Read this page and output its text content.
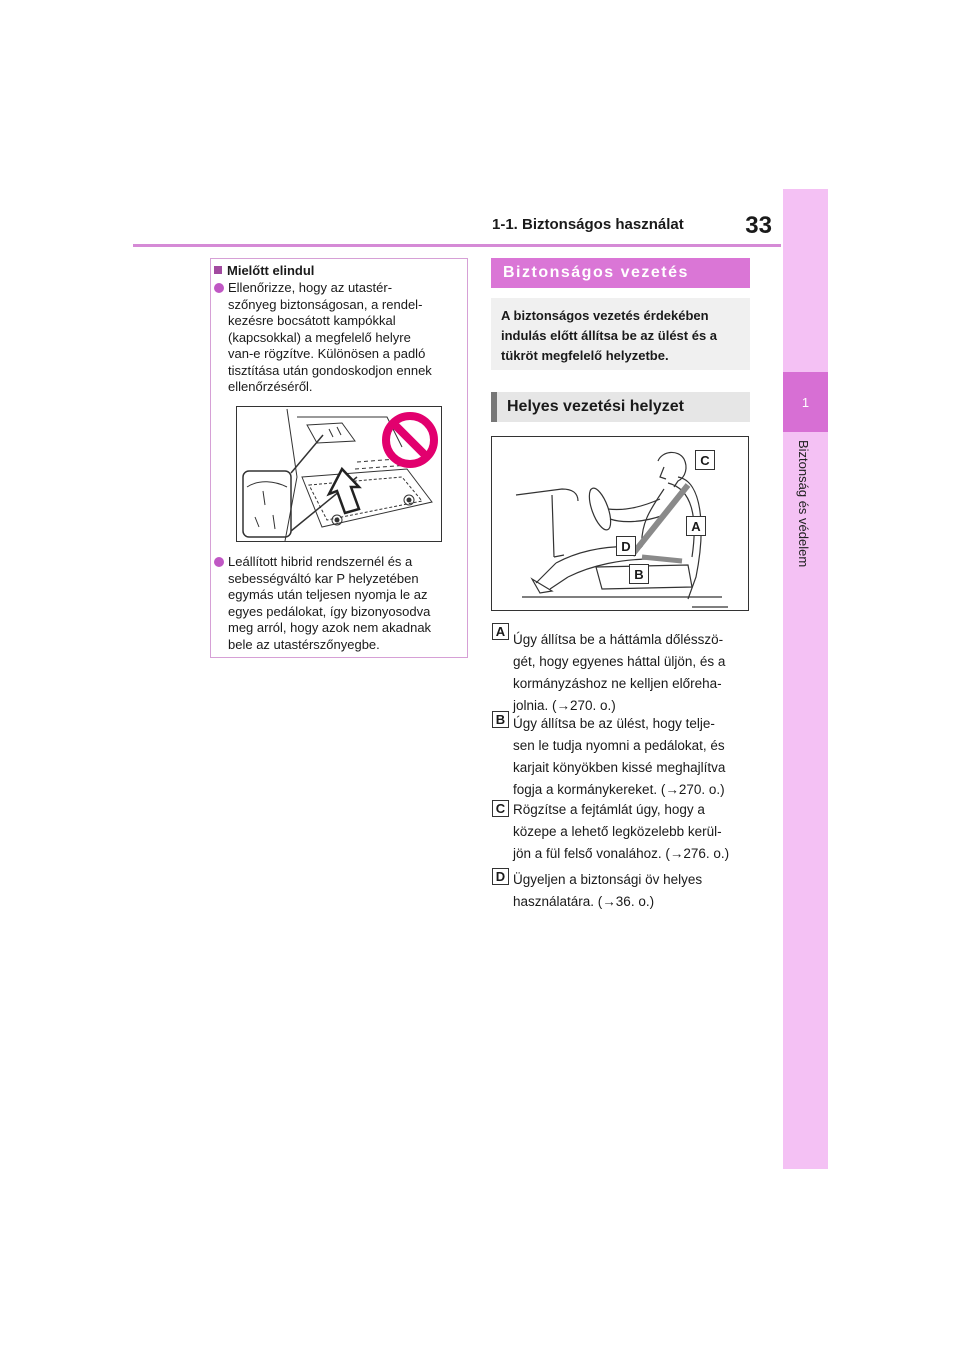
1-1. Biztonságos használat	33
1
Biztonság és védelem
Mielőtt elindul
Ellenőrizze, hogy az utastér-
szőnyeg biztonságosan, a rendel-
kezésre bocsátott kampókkal
(kapcsokkal) a megfelelő helyre
van-e rögzítve. Különösen a padló
tisztítása után gondoskodjon ennek
ellenőrzéséről.
Leállított hibrid rendszernél és a
sebességváltó kar P helyzetében
egymás után teljesen nyomja le az
egyes pedálokat, így bizonyosodva
meg arról, hogy azok nem akadnak
bele az utastérszőnyegbe.
Biztonságos vezetés
A biztonságos vezetés érdekében
indulás előtt állítsa be az ülést és a
tükröt megfelelő helyzetbe.
Helyes vezetési helyzet
C
A
D
B
A
Úgy állítsa be a háttámla dőlésszö-
gét, hogy egyenes háttal üljön, és a
kormányzáshoz ne kelljen előreha-
jolnia. (→270. o.)
B Úgy állítsa be az ülést, hogy telje-
sen le tudja nyomni a pedálokat, és
karjait könyökben kissé meghajlítva
fogja a kormánykereket. (→270. o.)
C Rögzítse a fejtámlát úgy, hogy a
közepe a lehető legközelebb kerül-
jön a fül felső vonalához. (→276. o.)
D Ügyeljen a biztonsági öv helyes
használatára. (→36. o.)
